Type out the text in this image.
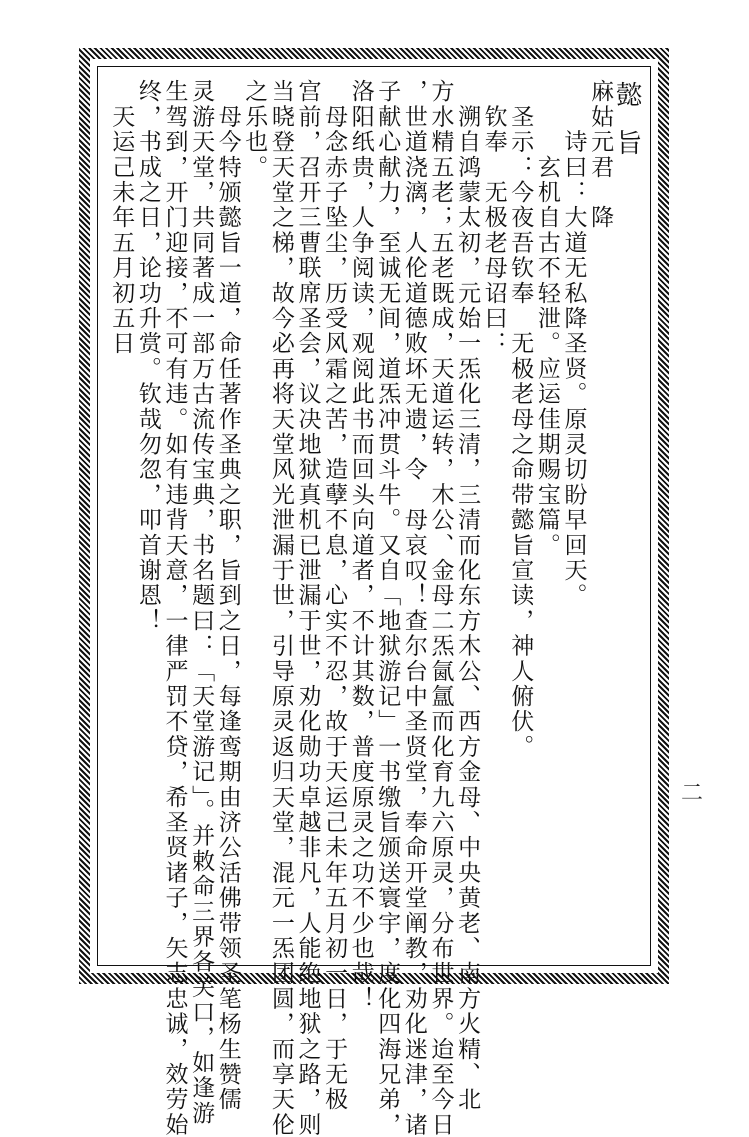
懿旨
麻姑元君　降
　　诗曰：大道无私降圣贤。原灵切盼早回天。
　　　玄机自古不轻泄。应运佳期赐宝篇。
　圣示：今夜吾钦奉　无极老母之命带懿旨宣读，神人俯伏。
　钦奉　无极老母诏曰：
　溯自鸿蒙太初，元始一炁化三清，三清而化东方木公、西方金母、中央黄老、南方火精、北
方水精五老；五老既成，天道运转，木公、金母二炁氤氲而化育九六原灵，分布世界。迨至今日
，世道浇漓，人伦道德败坏无遗，令　母哀叹！查尔台中圣贤堂，奉命开堂阐教，劝化迷津，诸
子献心献力，至诚无间，道炁冲贯斗牛。又自「地狱游记」一书缴旨颁送寰宇，度化四海兄弟，
洛阳纸贵，人争阅读，观阅此书而回头向道者，不计其数，普度原灵之功不少也哉！
　母念赤子坠尘，历受风霜之苦，造孽不息，心实不忍，故于天运己未年五月初一日，于无极
宫前，召开三曹联席圣会，议决地狱真机已泄漏于世，劝化勋功卓越非凡，人能绝地狱之路，则
当晓登天堂之梯，故今必再将天堂风光泄漏于世，引导原灵返归天堂，混元一炁团圆，而享天伦
之乐也。
　母今特颁懿旨一道，命任著作圣典之职，旨到之日，每逢鸾期由济公活佛带领圣笔杨生赞儒
灵游天堂，共同著成一部万古流传宝典，书名题曰：「天堂游记」。并敕命三界各关口，如逢游
生驾到，开门迎接，不可有违。如有违背天意，一律严罚不贷，希圣贤诸子，矢志忠诚，效劳始
终，书成之日，论功升赏。钦哉勿忽，叩首谢恩！
　天运己未年五月初五日
二
